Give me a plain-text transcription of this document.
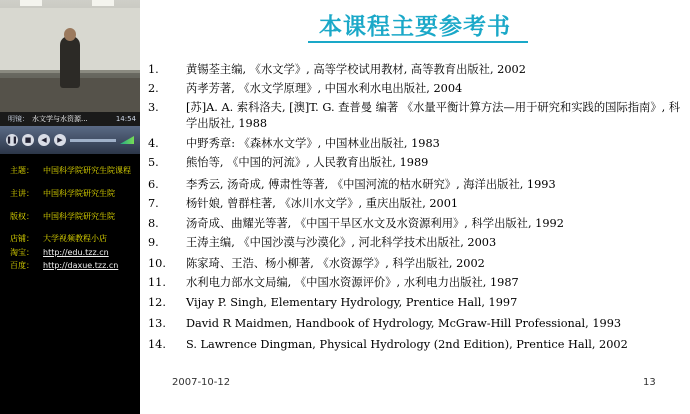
明镜： 水文学与水资源...	14:54
❚❚ ■	◀	▶
主题： 中国科学院研究生院课程
主讲： 中国科学院研究生院
版权： 中国科学院研究生院
店铺： 大学视频教程小店
淘宝： http://edu.tzz.cn
百度： http://daxue.tzz.cn
本课程主要参考书
1. 黄锡荃主编, 《水文学》, 高等学校试用教材, 高等教育出版社, 2002
2. 芮孝芳著, 《水文学原理》, 中国水利水电出版社, 2004
3. [苏]A. A. 索科洛夫, [澳]T. G. 查普曼 编著 《水量平衡计算方法—用于研究和实践的国际指南》, 科学出版社, 1988
4. 中野秀章: 《森林水文学》, 中国林业出版社, 1983
5. 熊怡等, 《中国的河流》, 人民教育出版社, 1989
6. 李秀云, 汤奇成, 傅肃性等著, 《中国河流的枯水研究》, 海洋出版社, 1993
7. 杨针娘, 曾群柱著, 《冰川水文学》, 重庆出版社, 2001
8. 汤奇成、曲耀光等著, 《中国干旱区水文及水资源利用》, 科学出版社, 1992
9. 王涛主编, 《中国沙漠与沙漠化》, 河北科学技术出版社, 2003
10. 陈家琦、王浩、杨小柳著, 《水资源学》, 科学出版社, 2002
11. 水利电力部水文局编, 《中国水资源评价》, 水利电力出版社, 1987
12. Vijay P. Singh, Elementary Hydrology, Prentice Hall, 1997
13. David R Maidmen, Handbook of Hydrology, McGraw-Hill Professional, 1993
14. S. Lawrence Dingman, Physical Hydrology (2nd Edition), Prentice Hall, 2002
2007-10-12	13
